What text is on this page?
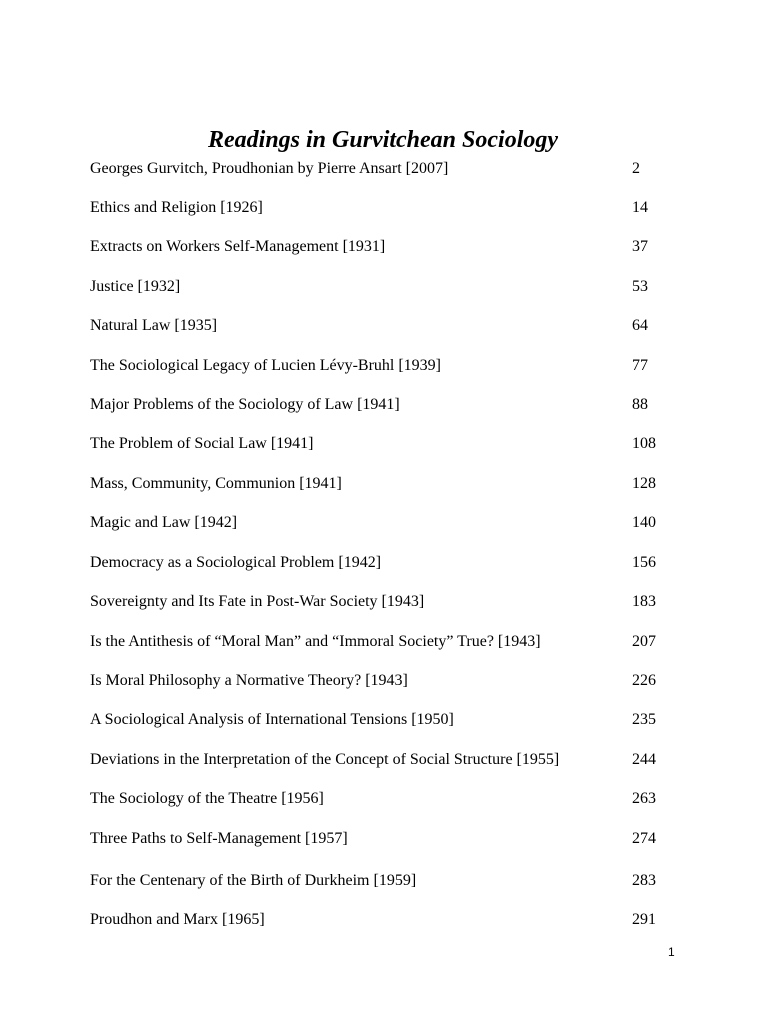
Readings in Gurvitchean Sociology
Georges Gurvitch, Proudhonian by Pierre Ansart [2007]	2
Ethics and Religion [1926]	14
Extracts on Workers Self-Management [1931]	37
Justice [1932]	53
Natural Law [1935]	64
The Sociological Legacy of Lucien Lévy-Bruhl [1939]	77
Major Problems of the Sociology of Law [1941]	88
The Problem of Social Law [1941]	108
Mass, Community, Communion [1941]	128
Magic and Law [1942]	140
Democracy as a Sociological Problem [1942]	156
Sovereignty and Its Fate in Post-War Society [1943]	183
Is the Antithesis of “Moral Man” and “Immoral Society” True? [1943]	207
Is Moral Philosophy a Normative Theory? [1943]	226
A Sociological Analysis of International Tensions [1950]	235
Deviations in the Interpretation of the Concept of Social Structure [1955]	244
The Sociology of the Theatre [1956]	263
Three Paths to Self-Management [1957]	274
For the Centenary of the Birth of Durkheim [1959]	283
Proudhon and Marx [1965]	291
1
